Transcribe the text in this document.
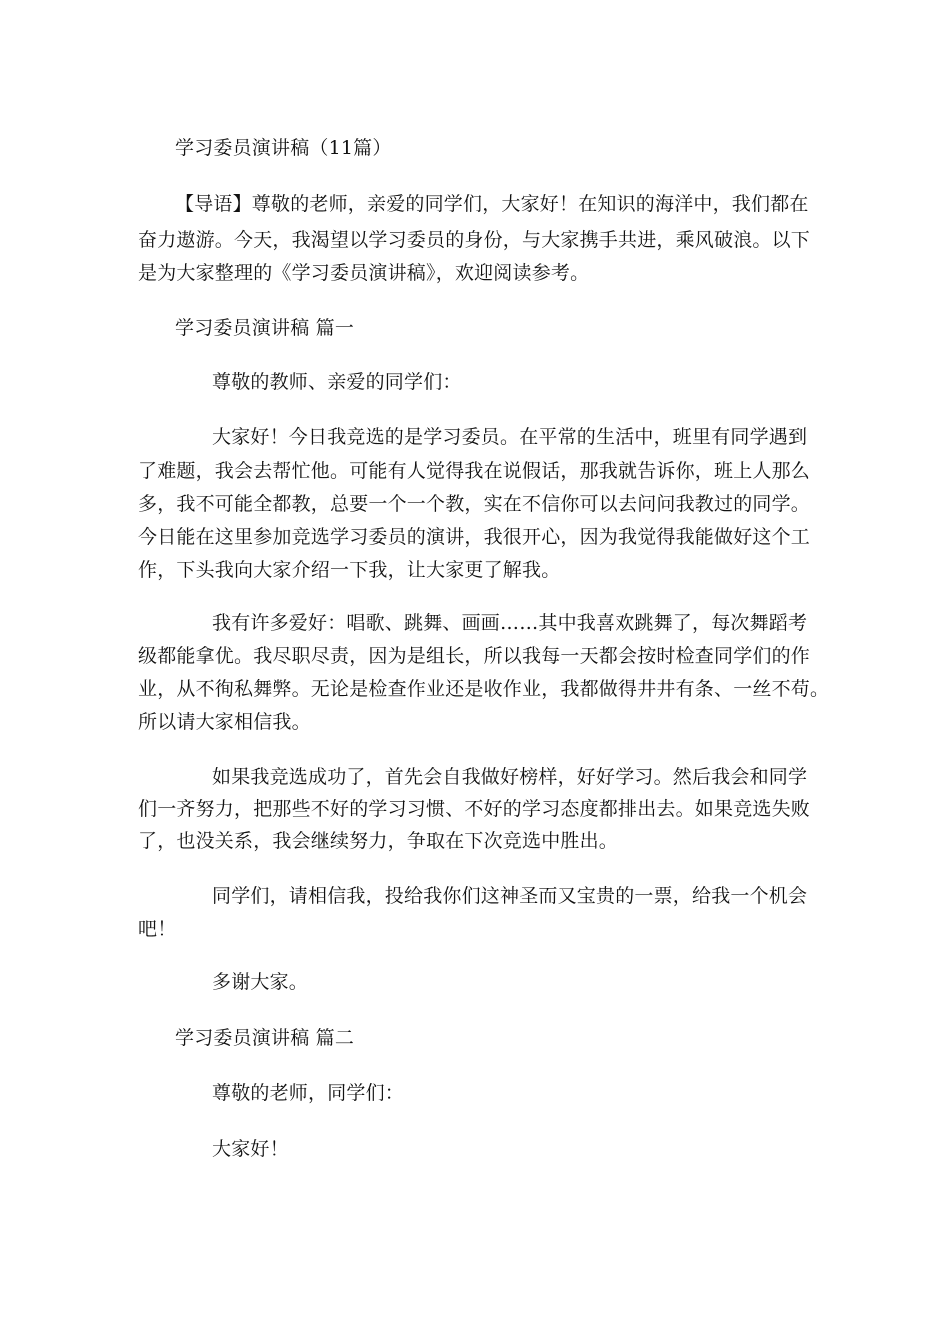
学习委员演讲稿（11篇）
【导语】尊敬的老师，亲爱的同学们，大家好！在知识的海洋中，我们都在
奋力遨游。今天，我渴望以学习委员的身份，与大家携手共进，乘风破浪。以下
是为大家整理的《学习委员演讲稿》，欢迎阅读参考。
学习委员演讲稿 篇一
尊敬的教师、亲爱的同学们：
大家好！今日我竞选的是学习委员。在平常的生活中，班里有同学遇到
了难题，我会去帮忙他。可能有人觉得我在说假话，那我就告诉你，班上人那么
多，我不可能全都教，总要一个一个教，实在不信你可以去问问我教过的同学。
今日能在这里参加竞选学习委员的演讲，我很开心，因为我觉得我能做好这个工
作，下头我向大家介绍一下我，让大家更了解我。
我有许多爱好：唱歌、跳舞、画画……其中我喜欢跳舞了，每次舞蹈考
级都能拿优。我尽职尽责，因为是组长，所以我每一天都会按时检查同学们的作
业，从不徇私舞弊。无论是检查作业还是收作业，我都做得井井有条、一丝不苟。
所以请大家相信我。
如果我竞选成功了，首先会自我做好榜样，好好学习。然后我会和同学
们一齐努力，把那些不好的学习习惯、不好的学习态度都排出去。如果竞选失败
了，也没关系，我会继续努力，争取在下次竞选中胜出。
同学们，请相信我，投给我你们这神圣而又宝贵的一票，给我一个机会
吧！
多谢大家。
学习委员演讲稿 篇二
尊敬的老师，同学们：
大家好！
